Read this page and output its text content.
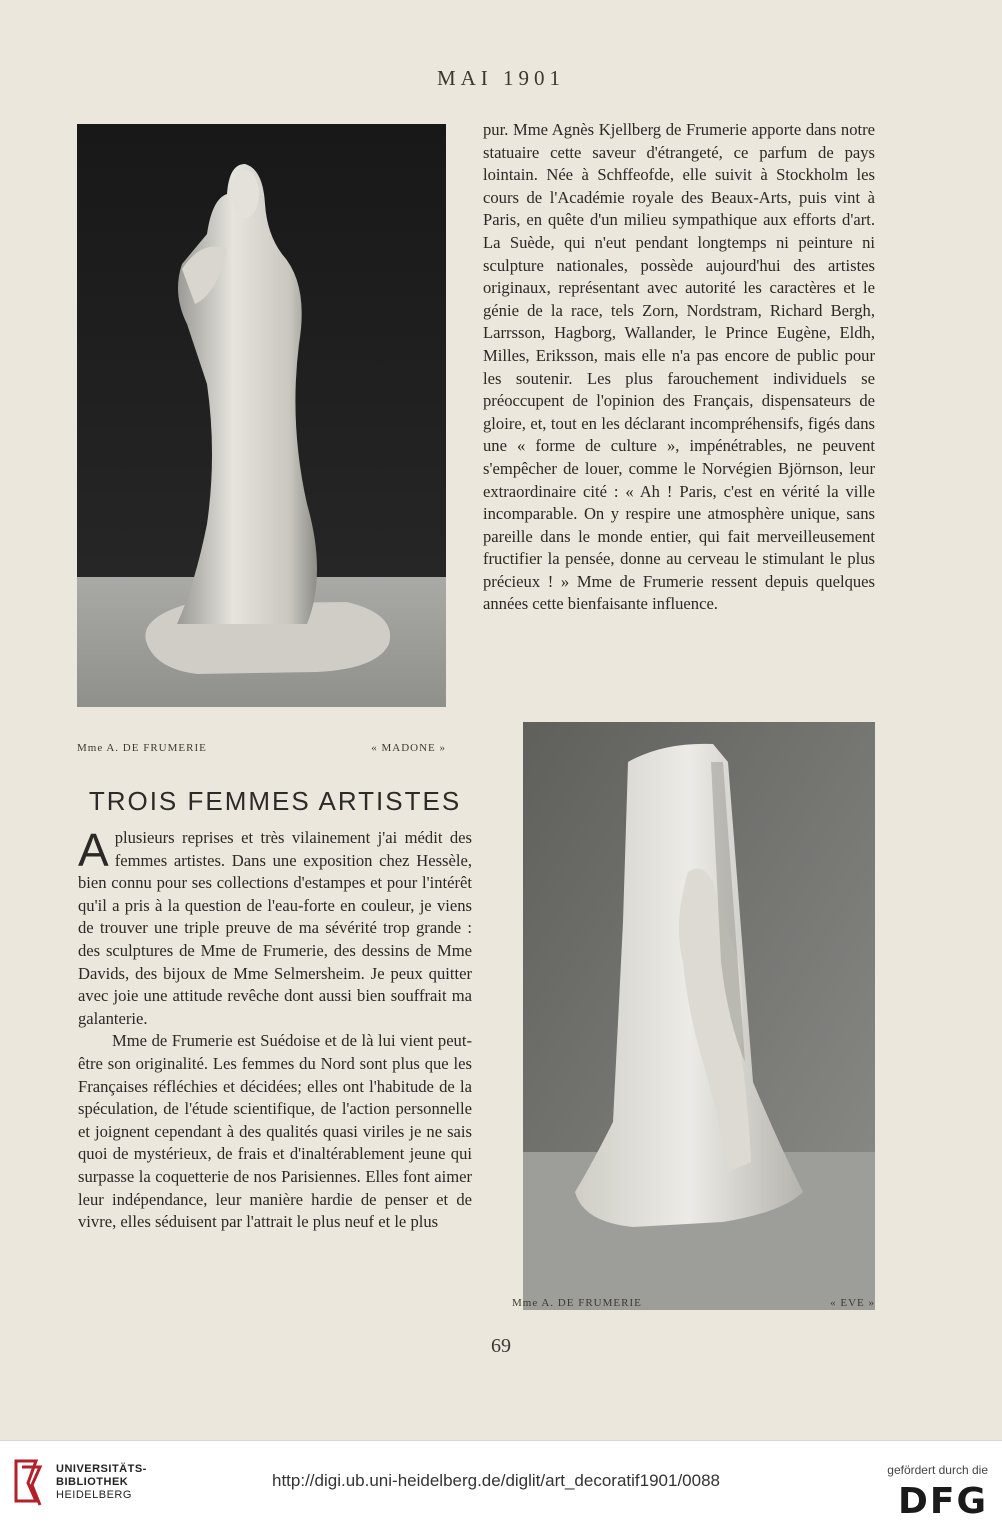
MAI 1901
Mme A. DE FRUMERIE	« MADONE »

pur. Mme Agnès Kjellberg de Frumerie apporte dans notre statuaire cette saveur d'étrangeté, ce parfum de pays lointain. Née à Schffeofde, elle suivit à Stockholm les cours de l'Académie royale des Beaux-Arts, puis vint à Paris, en quête d'un milieu sympathique aux efforts d'art. La Suède, qui n'eut pendant longtemps ni peinture ni sculpture nationales, possède aujourd'hui des artistes originaux, représentant avec autorité les caractères et le génie de la race, tels Zorn, Nordstram, Richard Bergh, Larrsson, Hagborg, Wallander, le Prince Eugène, Eldh, Milles, Eriksson, mais elle n'a pas encore de public pour les soutenir. Les plus farouchement individuels se préoccupent de l'opinion des Français, dispensateurs de gloire, et, tout en les déclarant incompréhensifs, figés dans une « forme de culture », impénétrables, ne peuvent s'empêcher de louer, comme le Norvégien Björnson, leur extraordinaire cité : « Ah ! Paris, c'est en vérité la ville incomparable. On y respire une atmosphère unique, sans pareille dans le monde entier, qui fait merveilleusement fructifier la pensée, donne au cerveau le stimulant le plus précieux ! » Mme de Frumerie ressent depuis quelques années cette bienfaisante influence.

Mme A. DE FRUMERIE	« EVE »
TROIS FEMMES ARTISTES

Aplusieurs reprises et très vilainement j'ai médit des femmes artistes. Dans une exposition chez Hessèle, bien connu pour ses collections d'estampes et pour l'intérêt qu'il a pris à la question de l'eau-forte en couleur, je viens de trouver une triple preuve de ma sévérité trop grande : des sculptures de Mme de Frumerie, des dessins de Mme Davids, des bijoux de Mme Selmersheim. Je peux quitter avec joie une attitude revêche dont aussi bien souffrait ma galanterie.

Mme de Frumerie est Suédoise et de là lui vient peut-être son originalité. Les femmes du Nord sont plus que les Françaises réfléchies et décidées; elles ont l'habitude de la spéculation, de l'étude scientifique, de l'action personnelle et joignent cependant à des qualités quasi viriles je ne sais quoi de mystérieux, de frais et d'inaltérablement jeune qui surpasse la coquetterie de nos Parisiennes. Elles font aimer leur indépendance, leur manière hardie de penser et de vivre, elles séduisent par l'attrait le plus neuf et le plus

69
UNIVERSITÄTS-
BIBLIOTHEK
HEIDELBERG
http://digi.ub.uni-heidelberg.de/diglit/art_decoratif1901/0088
gefördert durch die
DFG
